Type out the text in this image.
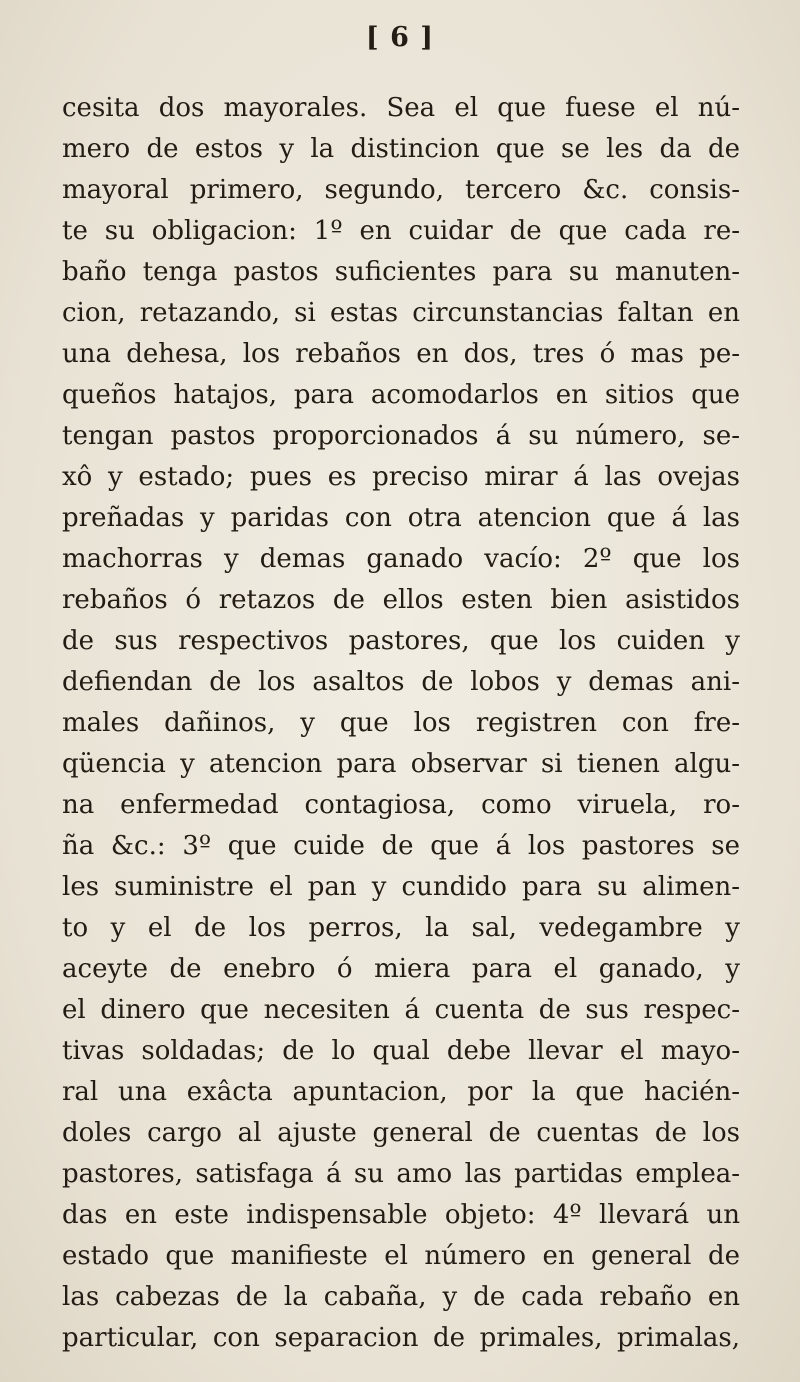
[ 6 ]
cesita dos mayorales. Sea el que fuese el nú-
mero de estos y la distincion que se les da de
mayoral primero, segundo, tercero &c. consis-
te su obligacion: 1º en cuidar de que cada re-
baño tenga pastos suficientes para su manuten-
cion, retazando, si estas circunstancias faltan en
una dehesa, los rebaños en dos, tres ó mas pe-
queños hatajos, para acomodarlos en sitios que
tengan pastos proporcionados á su número, se-
xô y estado; pues es preciso mirar á las ovejas
preñadas y paridas con otra atencion que á las
machorras y demas ganado vacío: 2º que los
rebaños ó retazos de ellos esten bien asistidos
de sus respectivos pastores, que los cuiden y
defiendan de los asaltos de lobos y demas ani-
males dañinos, y que los registren con fre-
qüencia y atencion para observar si tienen algu-
na enfermedad contagiosa, como viruela, ro-
ña &c.: 3º que cuide de que á los pastores se
les suministre el pan y cundido para su alimen-
to y el de los perros, la sal, vedegambre y
aceyte de enebro ó miera para el ganado, y
el dinero que necesiten á cuenta de sus respec-
tivas soldadas; de lo qual debe llevar el mayo-
ral una exâcta apuntacion, por la que hacién-
doles cargo al ajuste general de cuentas de los
pastores, satisfaga á su amo las partidas emplea-
das en este indispensable objeto: 4º llevará un
estado que manifieste el número en general de
las cabezas de la cabaña, y de cada rebaño en
particular, con separacion de primales, primalas,
